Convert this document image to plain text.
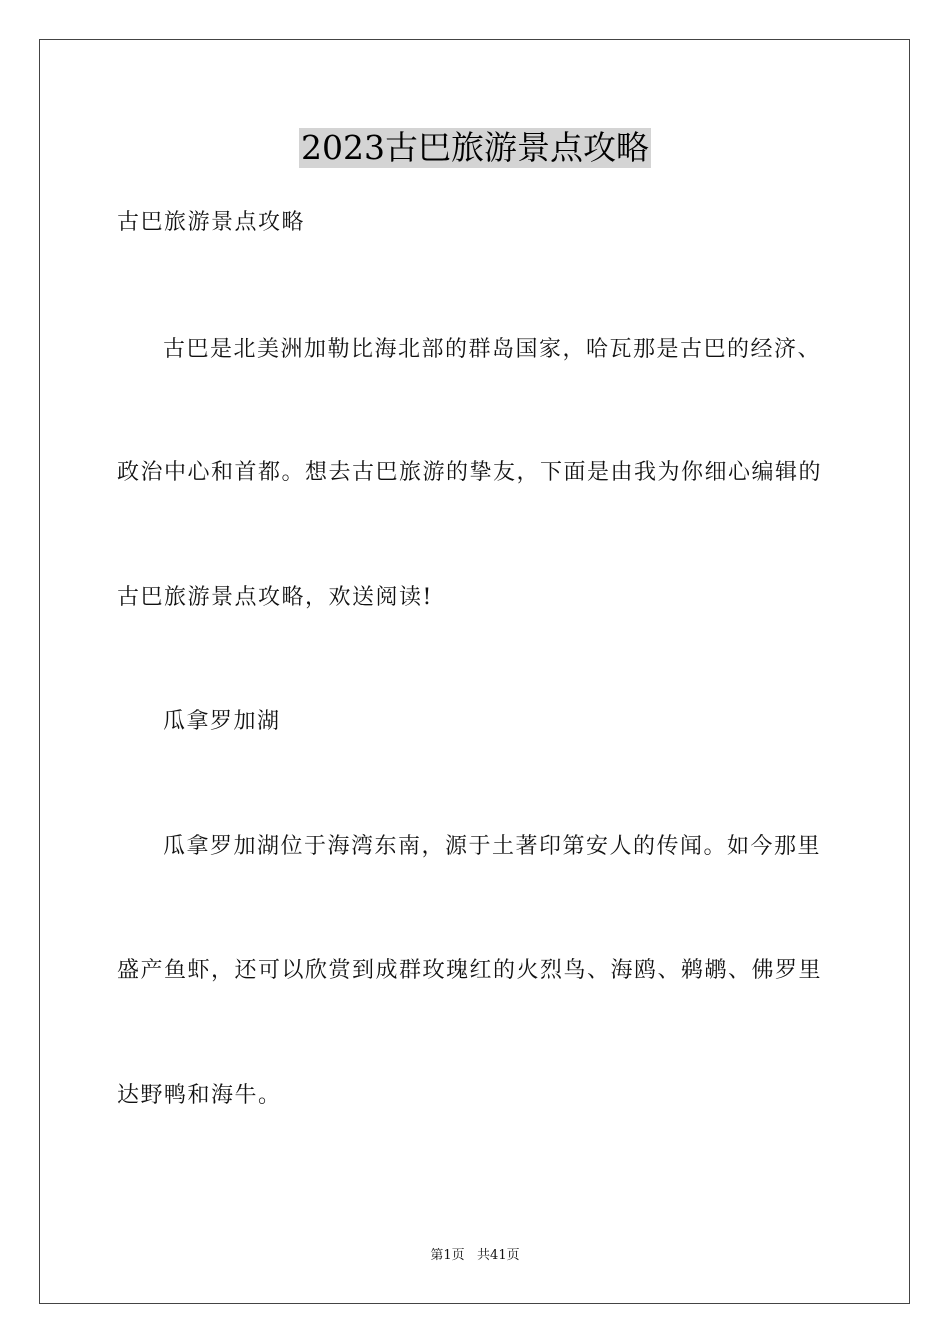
2023古巴旅游景点攻略
古巴旅游景点攻略
古巴是北美洲加勒比海北部的群岛国家，哈瓦那是古巴的经济、
政治中心和首都。想去古巴旅游的挚友，下面是由我为你细心编辑的
古巴旅游景点攻略，欢送阅读!
瓜拿罗加湖
瓜拿罗加湖位于海湾东南，源于土著印第安人的传闻。如今那里
盛产鱼虾，还可以欣赏到成群玫瑰红的火烈鸟、海鸥、鹈鹕、佛罗里
达野鸭和海牛。
第1页   共41页
